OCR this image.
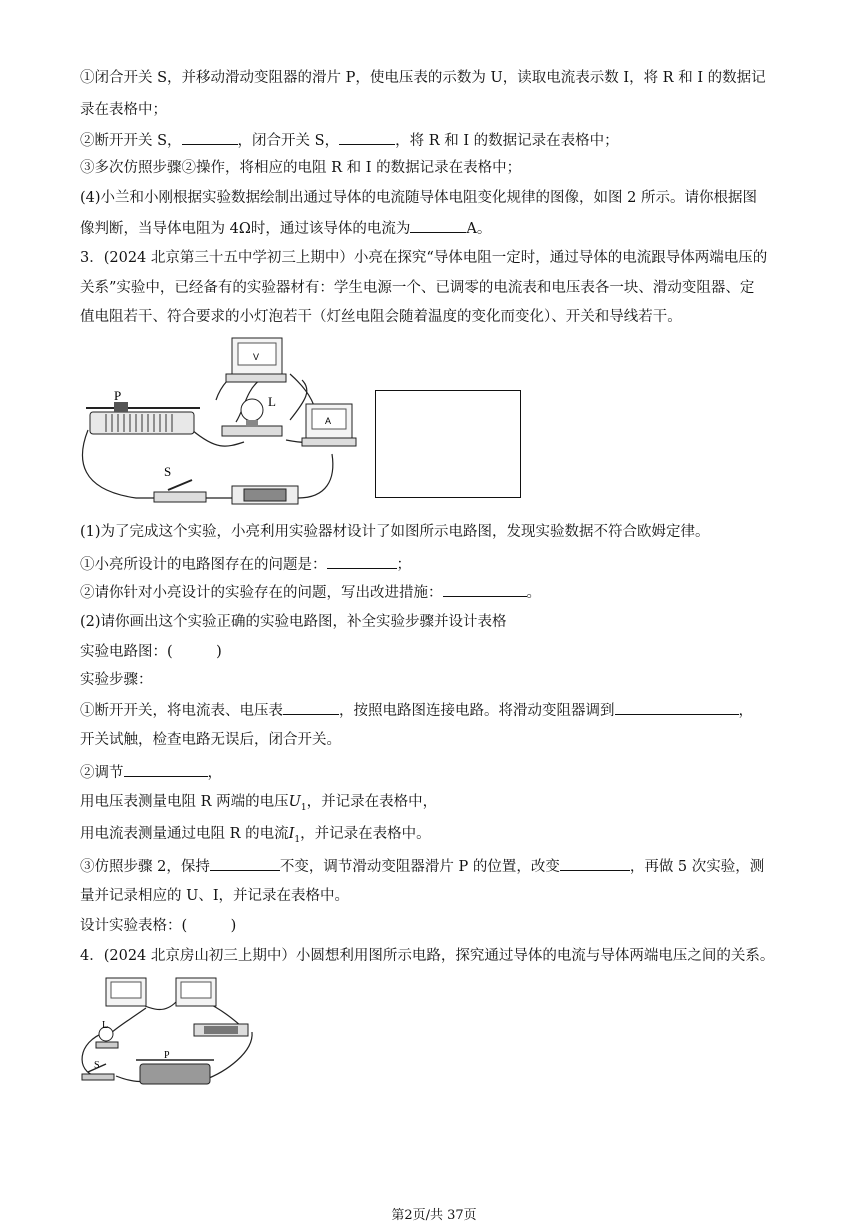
①闭合开关 S，并移动滑动变阻器的滑片 P，使电压表的示数为 U，读取电流表示数 I，将 R 和 I 的数据记
录在表格中；
②断开开关 S，	，闭合开关 S，	，将 R 和 I 的数据记录在表格中；
③多次仿照步骤②操作，将相应的电阻 R 和 I 的数据记录在表格中；
(4)小兰和小刚根据实验数据绘制出通过导体的电流随导体电阻变化规律的图像，如图 2 所示。请你根据图
像判断，当导体电阻为 4Ω时，通过该导体的电流为	A。
3．(2024 北京第三十五中学初三上期中）小亮在探究“导体电阻一定时，通过导体的电流跟导体两端电压的
关系”实验中，已经备有的实验器材有：学生电源一个、已调零的电流表和电压表各一块、滑动变阻器、定
值电阻若干、符合要求的小灯泡若干（灯丝电阻会随着温度的变化而变化）、开关和导线若干。
P
V
L
A
S
(1)为了完成这个实验，小亮利用实验器材设计了如图所示电路图，发现实验数据不符合欧姆定律。
①小亮所设计的电路图存在的问题是：	；
②请你针对小亮设计的实验存在的问题，写出改进措施：	。
(2)请你画出这个实验正确的实验电路图，补全实验步骤并设计表格
实验电路图：(　　　)
实验步骤：
①断开开关，将电流表、电压表	，按照电路图连接电路。将滑动变阻器调到	，
开关试触，检查电路无误后，闭合开关。
②调节	，
用电压表测量电阻 R 两端的电压$U_1$，并记录在表格中，
用电流表测量通过电阻 R 的电流$I_1$，并记录在表格中。
③仿照步骤 2，保持	不变，调节滑动变阻器滑片 P 的位置，改变	，再做 5 次实验，测
量并记录相应的 U、I，并记录在表格中。
设计实验表格：(　　　)
4．(2024 北京房山初三上期中）小圆想利用图所示电路，探究通过导体的电流与导体两端电压之间的关系。
L
S
P
第2页/共 37页
